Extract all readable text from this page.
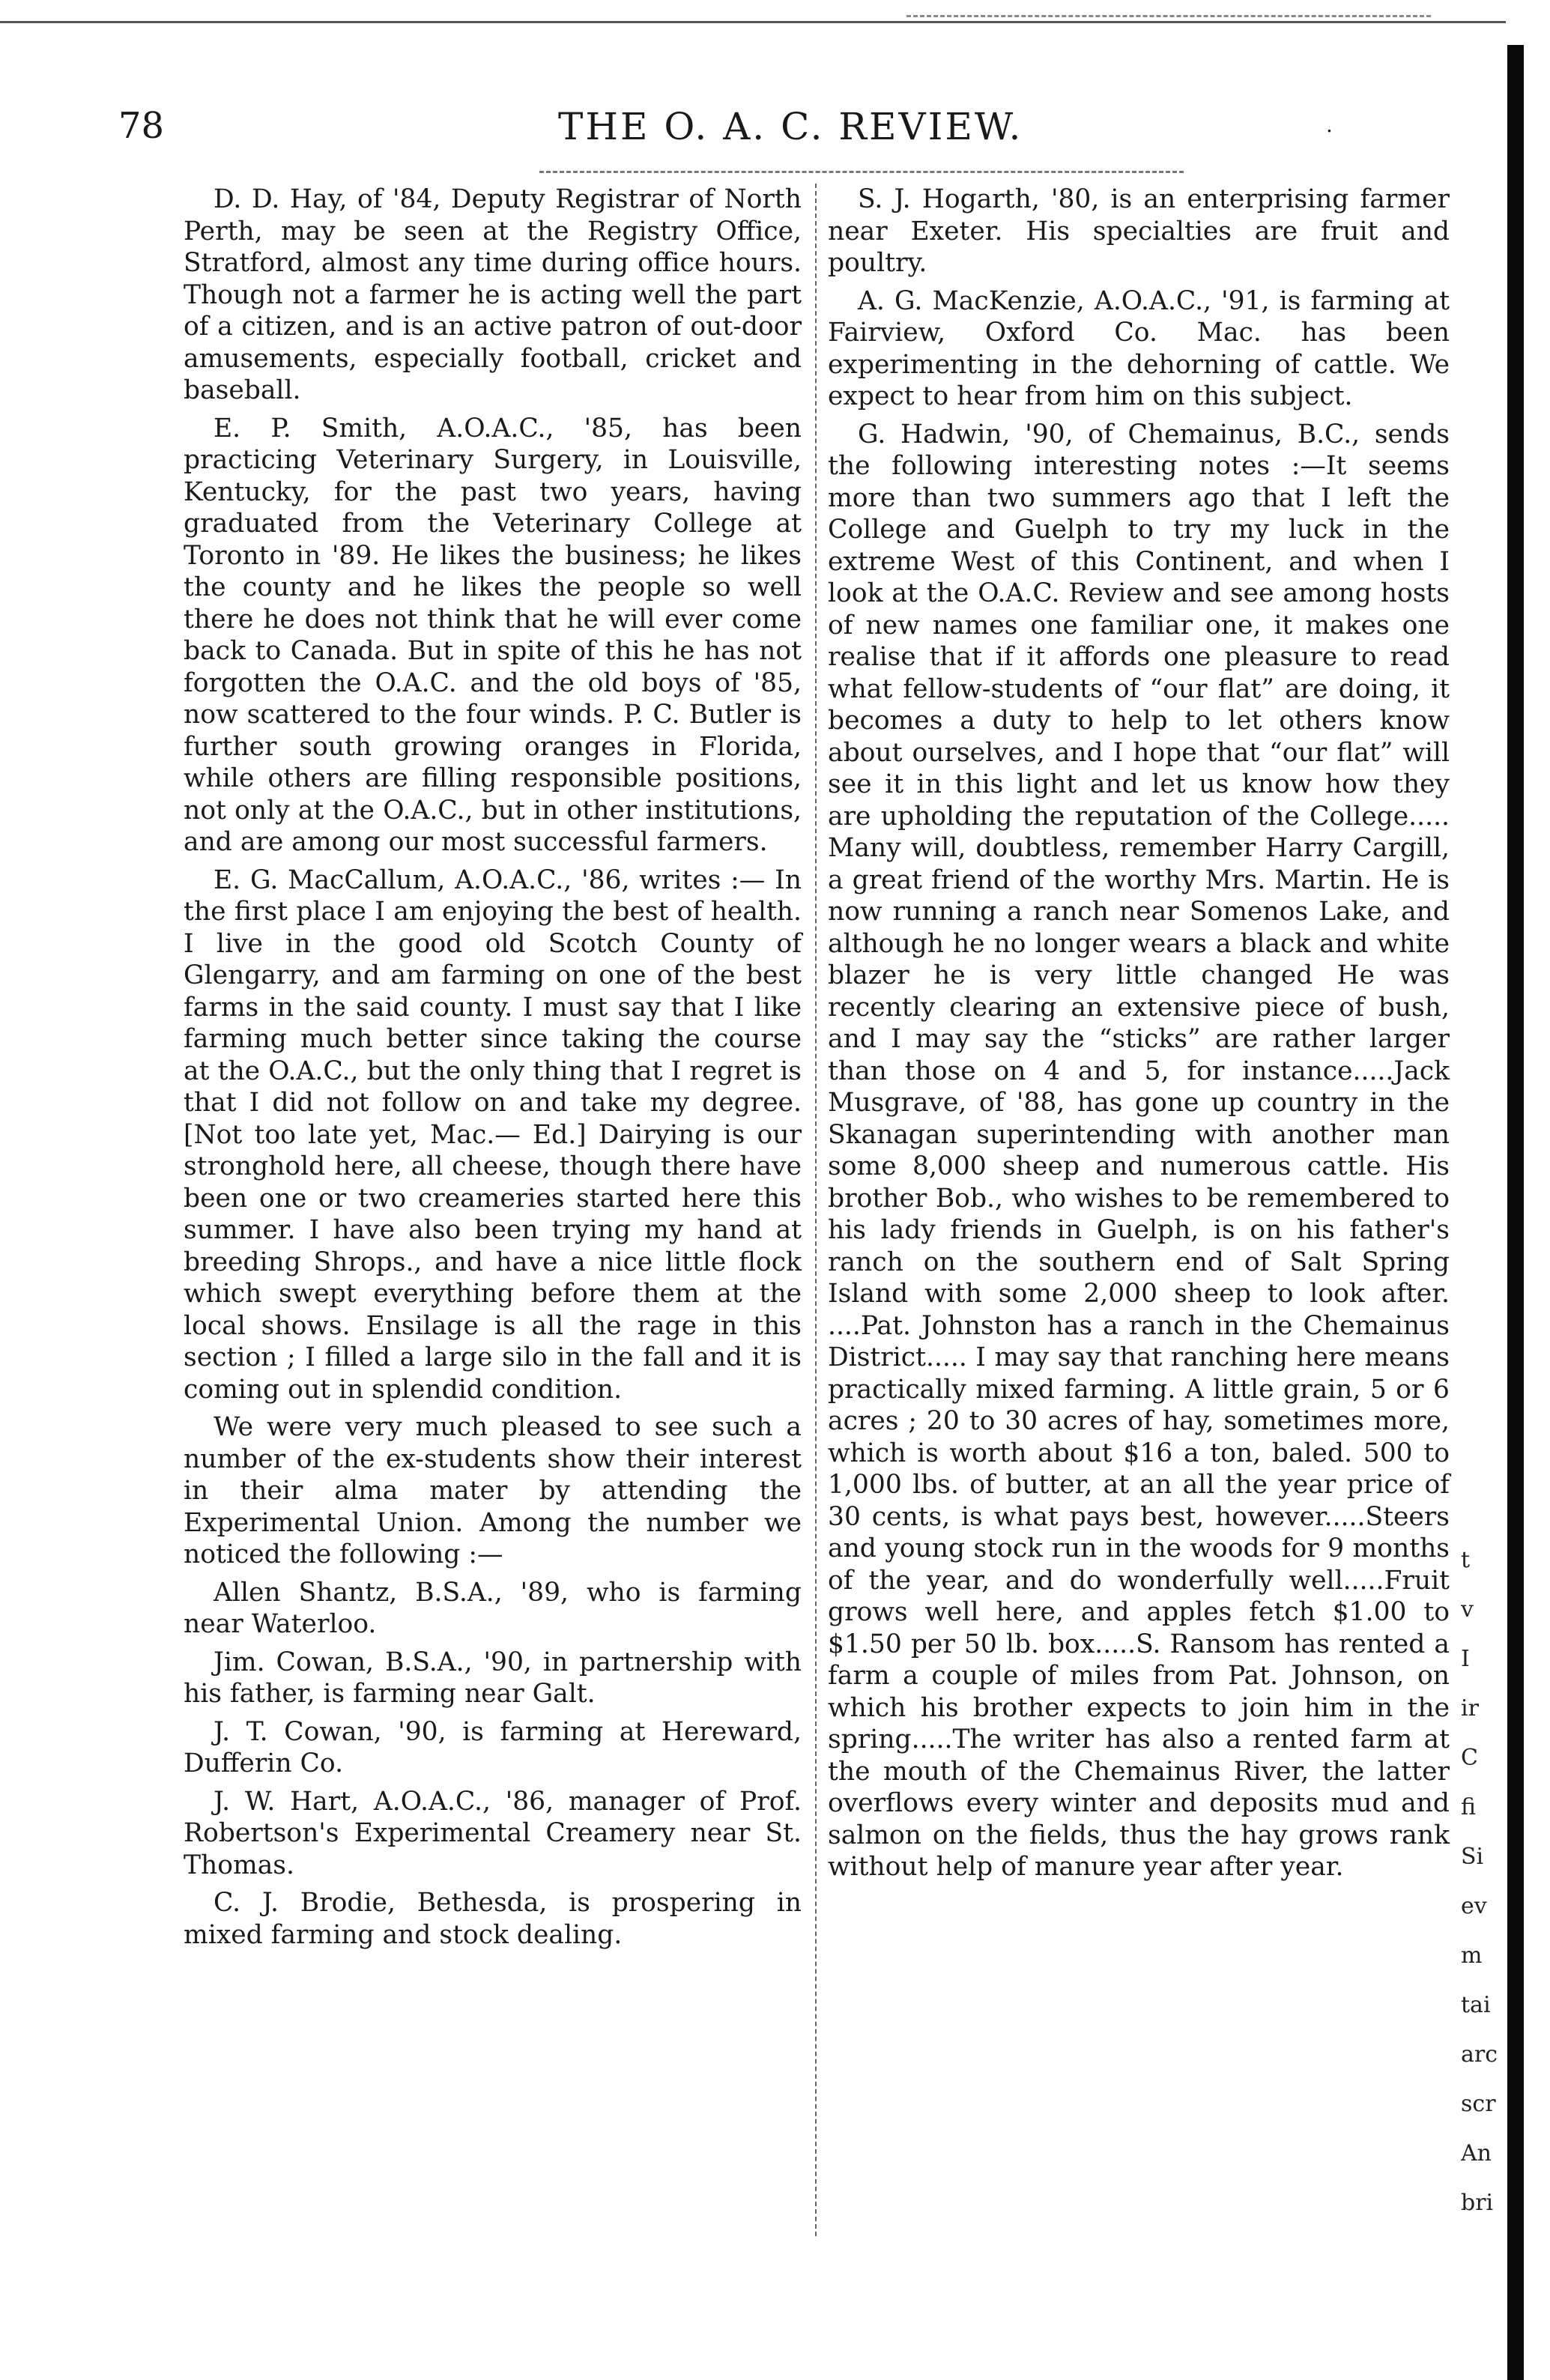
78	THE O. A. C. REVIEW.	.

D. D. Hay, of '84, Deputy Registrar of North Perth, may be seen at the Registry Office, Stratford, almost any time during office hours. Though not a farmer he is acting well the part of a citizen, and is an active patron of out-door amusements, especially football, cricket and baseball.

E. P. Smith, A.O.A.C., '85, has been practicing Veterinary Surgery, in Louisville, Kentucky, for the past two years, having graduated from the Veterinary College at Toronto in '89. He likes the business; he likes the county and he likes the people so well there he does not think that he will ever come back to Canada. But in spite of this he has not forgotten the O.A.C. and the old boys of '85, now scattered to the four winds. P. C. Butler is further south growing oranges in Florida, while others are filling responsible positions, not only at the O.A.C., but in other institutions, and are among our most successful farmers.

E. G. MacCallum, A.O.A.C., '86, writes :— In the first place I am enjoying the best of health. I live in the good old Scotch County of Glengarry, and am farming on one of the best farms in the said county. I must say that I like farming much better since taking the course at the O.A.C., but the only thing that I regret is that I did not follow on and take my degree. [Not too late yet, Mac.— Ed.] Dairying is our stronghold here, all cheese, though there have been one or two creameries started here this summer. I have also been trying my hand at breeding Shrops., and have a nice little flock which swept everything before them at the local shows. Ensilage is all the rage in this section ; I filled a large silo in the fall and it is coming out in splendid condition.

We were very much pleased to see such a number of the ex-students show their interest in their alma mater by attending the Experimental Union. Among the number we noticed the following :—

Allen Shantz, B.S.A., '89, who is farming near Waterloo.

Jim. Cowan, B.S.A., '90, in partnership with his father, is farming near Galt.

J. T. Cowan, '90, is farming at Hereward, Dufferin Co.

J. W. Hart, A.O.A.C., '86, manager of Prof. Robertson's Experimental Creamery near St. Thomas.

C. J. Brodie, Bethesda, is prospering in mixed farming and stock dealing.

S. J. Hogarth, '80, is an enterprising farmer near Exeter. His specialties are fruit and poultry.

A. G. MacKenzie, A.O.A.C., '91, is farming at Fairview, Oxford Co. Mac. has been experimenting in the dehorning of cattle. We expect to hear from him on this subject.

G. Hadwin, '90, of Chemainus, B.C., sends the following interesting notes :—It seems more than two summers ago that I left the College and Guelph to try my luck in the extreme West of this Continent, and when I look at the O.A.C. Review and see among hosts of new names one familiar one, it makes one realise that if it affords one pleasure to read what fellow-students of “our flat” are doing, it becomes a duty to help to let others know about ourselves, and I hope that “our flat” will see it in this light and let us know how they are upholding the reputation of the College..... Many will, doubtless, remember Harry Cargill, a great friend of the worthy Mrs. Martin. He is now running a ranch near Somenos Lake, and although he no longer wears a black and white blazer he is very little changed He was recently clearing an extensive piece of bush, and I may say the “sticks” are rather larger than those on 4 and 5, for instance.....Jack Musgrave, of '88, has gone up country in the Skanagan superintending with another man some 8,000 sheep and numerous cattle. His brother Bob., who wishes to be remembered to his lady friends in Guelph, is on his father's ranch on the southern end of Salt Spring Island with some 2,000 sheep to look after. ....Pat. Johnston has a ranch in the Chemainus District..... I may say that ranching here means practically mixed farming. A little grain, 5 or 6 acres ; 20 to 30 acres of hay, sometimes more, which is worth about $16 a ton, baled. 500 to 1,000 lbs. of butter, at an all the year price of 30 cents, is what pays best, however.....Steers and young stock run in the woods for 9 months of the year, and do wonderfully well.....Fruit grows well here, and apples fetch $1.00 to $1.50 per 50 lb. box.....S. Ransom has rented a farm a couple of miles from Pat. Johnson, on which his brother expects to join him in the spring.....The writer has also a rented farm at the mouth of the Chemainus River, the latter overflows every winter and deposits mud and salmon on the fields, thus the hay grows rank without help of manure year after year.

t
v
I
ir
C
fi
Si
ev
m
tai
arc
scr
An
bri
